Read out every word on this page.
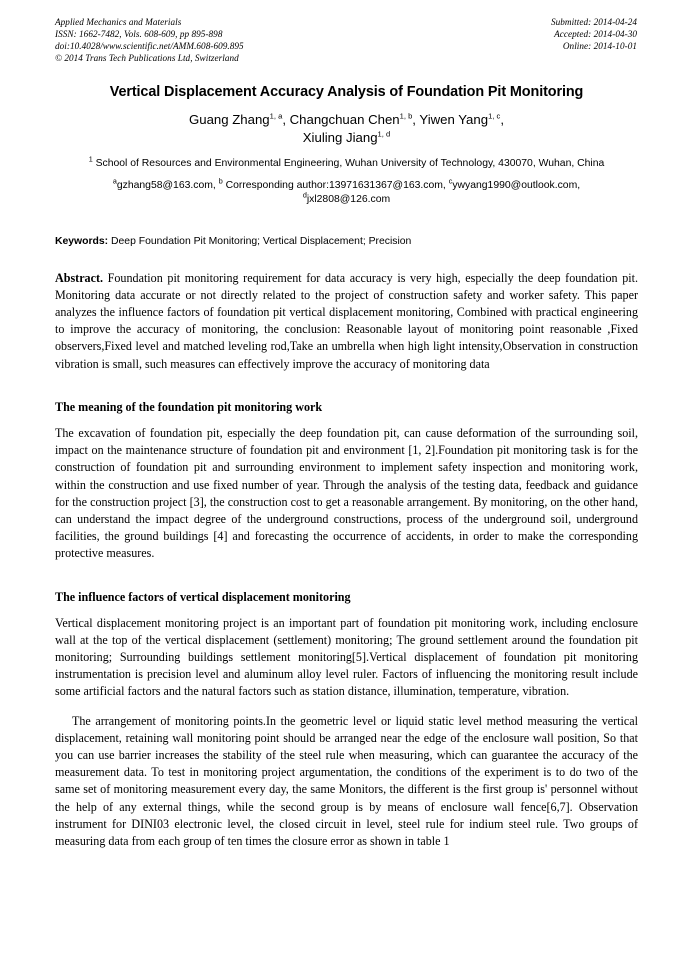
Applied Mechanics and Materials
ISSN: 1662-7482, Vols. 608-609, pp 895-898
doi:10.4028/www.scientific.net/AMM.608-609.895
© 2014 Trans Tech Publications Ltd, Switzerland
Submitted: 2014-04-24
Accepted: 2014-04-30
Online: 2014-10-01
Vertical Displacement Accuracy Analysis of Foundation Pit Monitoring
Guang Zhang$^{1, a}$, Changchuan Chen$^{1, b}$, Yiwen Yang$^{1, c}$,
Xiuling Jiang$^{1, d}$
$^1$ School of Resources and Environmental Engineering, Wuhan University of Technology, 430070, Wuhan, China
$^a$gzhang58@163.com, $^b$ Corresponding author:13971631367@163.com, $^c$ywyang1990@outlook.com, $^d$jxl2808@126.com
Keywords: Deep Foundation Pit Monitoring; Vertical Displacement; Precision
Abstract. Foundation pit monitoring requirement for data accuracy is very high, especially the deep foundation pit. Monitoring data accurate or not directly related to the project of construction safety and worker safety. This paper analyzes the influence factors of foundation pit vertical displacement monitoring, Combined with practical engineering to improve the accuracy of monitoring, the conclusion: Reasonable layout of monitoring point reasonable ,Fixed observers,Fixed level and matched leveling rod,Take an umbrella when high light intensity,Observation in construction vibration is small, such measures can effectively improve the accuracy of monitoring data
The meaning of the foundation pit monitoring work

The excavation of foundation pit, especially the deep foundation pit, can cause deformation of the surrounding soil, impact on the maintenance structure of foundation pit and environment [1, 2].Foundation pit monitoring task is for the construction of foundation pit and surrounding environment to implement safety inspection and monitoring work, within the construction and use fixed number of year. Through the analysis of the testing data, feedback and guidance for the construction project [3], the construction cost to get a reasonable arrangement. By monitoring, on the other hand, can understand the impact degree of the underground constructions, process of the underground soil, underground facilities, the ground buildings [4] and forecasting the occurrence of accidents, in order to make the corresponding protective measures.

The influence factors of vertical displacement monitoring

Vertical displacement monitoring project is an important part of foundation pit monitoring work, including enclosure wall at the top of the vertical displacement (settlement) monitoring; The ground settlement around the foundation pit monitoring; Surrounding buildings settlement monitoring[5].Vertical displacement of foundation pit monitoring instrumentation is precision level and aluminum alloy level ruler. Factors of influencing the monitoring result include some artificial factors and the natural factors such as station distance, illumination, temperature, vibration.

The arrangement of monitoring points.In the geometric level or liquid static level method measuring the vertical displacement, retaining wall monitoring point should be arranged near the edge of the enclosure wall position, So that you can use barrier increases the stability of the steel rule when measuring, which can guarantee the accuracy of the measurement data. To test in monitoring project argumentation, the conditions of the experiment is to do two of the same set of monitoring measurement every day, the same Monitors, the different is the first group is' personnel without the help of any external things, while the second group is by means of enclosure wall fence[6,7]. Observation instrument for DINI03 electronic level, the closed circuit in level, steel rule for indium steel rule. Two groups of measuring data from each group of ten times the closure error as shown in table 1
